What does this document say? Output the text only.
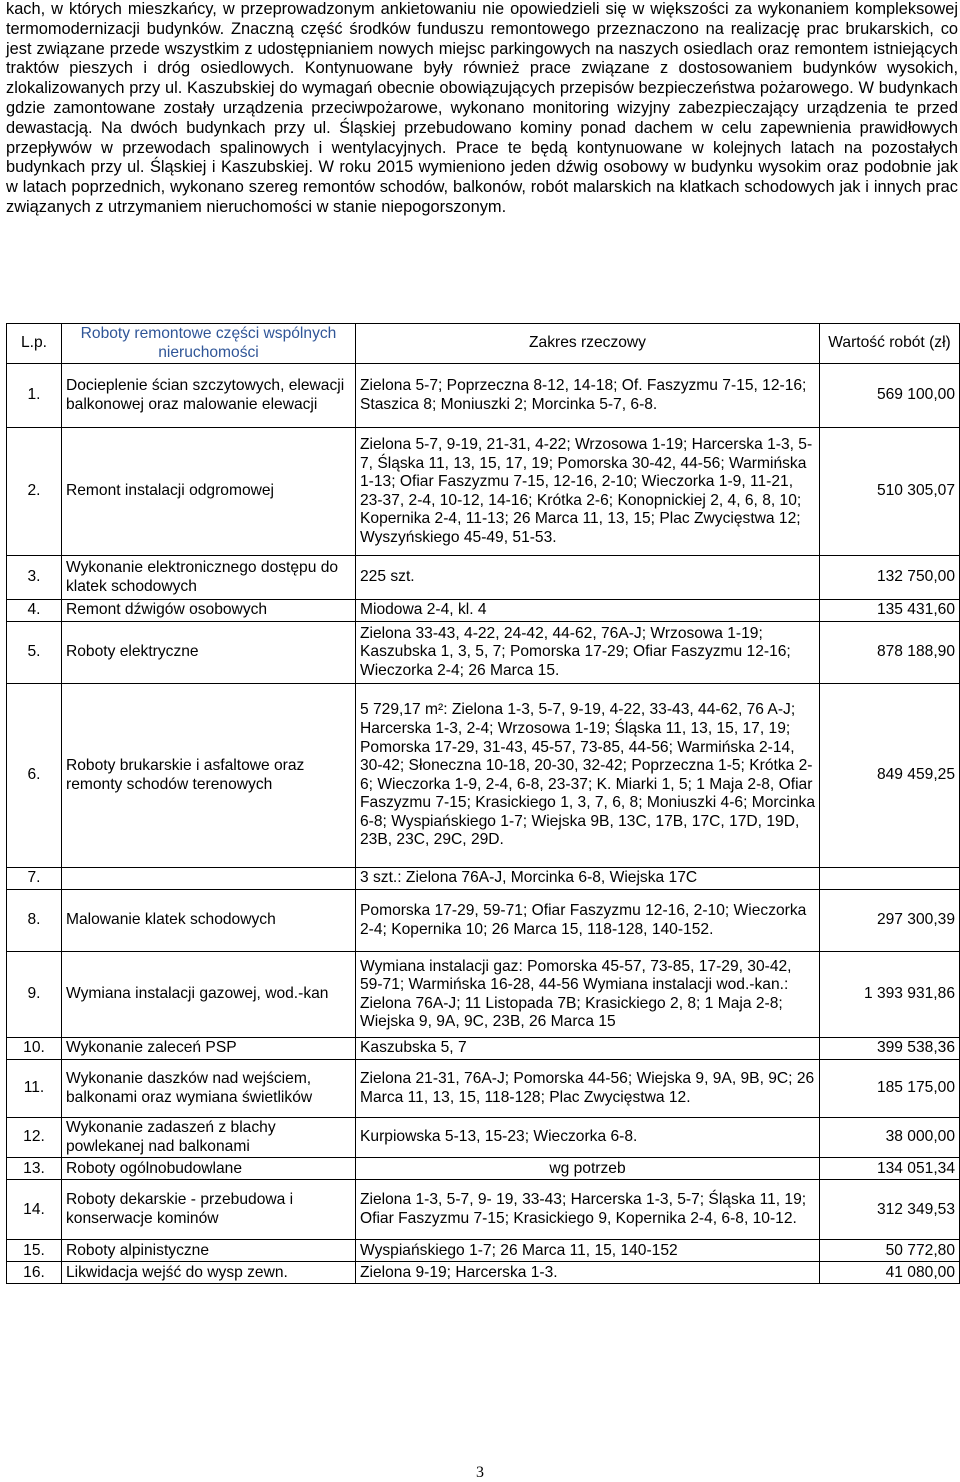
kach, w których mieszkańcy, w przeprowadzonym ankietowaniu nie opowiedzieli się w większości za wykonaniem kompleksowej termomodernizacji budynków. Znaczną część środków funduszu remontowego przeznaczono na realizację prac brukarskich, co jest związane przede wszystkim z udostępnianiem nowych miejsc parkingowych na naszych osiedlach oraz remontem istniejących traktów pieszych i dróg osiedlowych. Kontynuowane były również prace związane z dostosowaniem budynków wysokich, zlokalizowanych przy ul. Kaszubskiej do wymagań obecnie obowiązujących przepisów bezpieczeństwa pożarowego. W budynkach gdzie zamontowane zostały urządzenia przeciwpożarowe, wykonano monitoring wizyjny zabezpieczający urządzenia te przed dewastacją. Na dwóch budynkach przy ul. Śląskiej przebudowano kominy ponad dachem w celu zapewnienia prawidłowych przepływów w przewodach spalinowych i wentylacyjnych. Prace te będą kontynuowane w kolejnych latach na pozostałych budynkach przy ul. Śląskiej i Kaszubskiej. W roku 2015 wymieniono jeden dźwig osobowy w budynku wysokim oraz podobnie jak w latach poprzednich, wykonano szereg remontów schodów, balkonów, robót malarskich na klatkach schodowych jak i innych prac związanych z utrzymaniem nieruchomości w stanie niepogorszonym.

L.p.	Roboty remontowe części wspólnych nieruchomości	Zakres rzeczowy	Wartość robót (zł)
1.	Docieplenie ścian szczytowych, elewacji balkonowej oraz malowanie elewacji	Zielona 5-7; Poprzeczna 8-12, 14-18; Of. Faszyzmu 7-15, 12-16; Staszica 8; Moniuszki 2; Morcinka 5-7, 6-8.	569 100,00
2.	Remont instalacji odgromowej	Zielona 5-7, 9-19, 21-31, 4-22; Wrzosowa 1-19; Harcerska 1-3, 5-7, Śląska 11, 13, 15, 17, 19; Pomorska 30-42, 44-56; Warmińska 1-13; Ofiar Faszyzmu 7-15, 12-16, 2-10; Wieczorka 1-9, 11-21, 23-37, 2-4, 10-12, 14-16; Krótka 2-6; Konopnickiej 2, 4, 6, 8, 10; Kopernika 2-4, 11-13; 26 Marca 11, 13, 15; Plac Zwycięstwa 12; Wyszyńskiego 45-49, 51-53.	510 305,07
3.	Wykonanie elektronicznego dostępu do klatek schodowych	225 szt.	132 750,00
4.	Remont dźwigów osobowych	Miodowa 2-4, kl. 4	135 431,60
5.	Roboty elektryczne	Zielona 33-43, 4-22, 24-42, 44-62, 76A-J; Wrzosowa 1-19; Kaszubska 1, 3, 5, 7; Pomorska 17-29; Ofiar Faszyzmu 12-16; Wieczorka 2-4; 26 Marca 15.	878 188,90
6.	Roboty brukarskie i asfaltowe oraz remonty schodów terenowych	5 729,17 m²: Zielona 1-3, 5-7, 9-19, 4-22, 33-43, 44-62, 76 A-J; Harcerska 1-3, 2-4; Wrzosowa 1-19; Śląska 11, 13, 15, 17, 19; Pomorska 17-29, 31-43, 45-57, 73-85, 44-56; Warmińska 2-14, 30-42; Słoneczna 10-18, 20-30, 32-42; Poprzeczna 1-5; Krótka 2-6; Wieczorka 1-9, 2-4, 6-8, 23-37; K. Miarki 1, 5; 1 Maja 2-8, Ofiar Faszyzmu 7-15; Krasickiego 1, 3, 7, 6, 8; Moniuszki 4-6; Morcinka 6-8; Wyspiańskiego 1-7; Wiejska 9B, 13C, 17B, 17C, 17D, 19D, 23B, 23C, 29C, 29D.	849 459,25
7.		3 szt.: Zielona 76A-J, Morcinka 6-8, Wiejska 17C	
8.	Malowanie klatek schodowych	Pomorska 17-29, 59-71; Ofiar Faszyzmu 12-16, 2-10; Wieczorka 2-4; Kopernika 10; 26 Marca 15, 118-128, 140-152.	297 300,39
9.	Wymiana instalacji gazowej, wod.-kan	Wymiana instalacji gaz: Pomorska 45-57, 73-85, 17-29, 30-42, 59-71; Warmińska 16-28, 44-56 Wymiana instalacji wod.-kan.: Zielona 76A-J; 11 Listopada 7B; Krasickiego 2, 8; 1 Maja 2-8; Wiejska 9, 9A, 9C, 23B, 26 Marca 15	1 393 931,86
10.	Wykonanie zaleceń PSP	Kaszubska 5, 7	399 538,36
11.	Wykonanie daszków nad wejściem, balkonami oraz wymiana świetlików	Zielona 21-31, 76A-J; Pomorska 44-56; Wiejska 9, 9A, 9B, 9C; 26 Marca 11, 13, 15, 118-128; Plac Zwycięstwa 12.	185 175,00
12.	Wykonanie zadaszeń z blachy powlekanej nad balkonami	Kurpiowska 5-13, 15-23; Wieczorka 6-8.	38 000,00
13.	Roboty ogólnobudowlane	wg potrzeb	134 051,34
14.	Roboty dekarskie - przebudowa i konserwacje kominów	Zielona 1-3, 5-7, 9- 19, 33-43; Harcerska 1-3, 5-7; Śląska 11, 19; Ofiar Faszyzmu 7-15; Krasickiego 9, Kopernika 2-4, 6-8, 10-12.	312 349,53
15.	Roboty alpinistyczne	Wyspiańskiego 1-7; 26 Marca 11, 15, 140-152	50 772,80
16.	Likwidacja wejść do wysp zewn.	Zielona 9-19; Harcerska 1-3.	41 080,00
3
